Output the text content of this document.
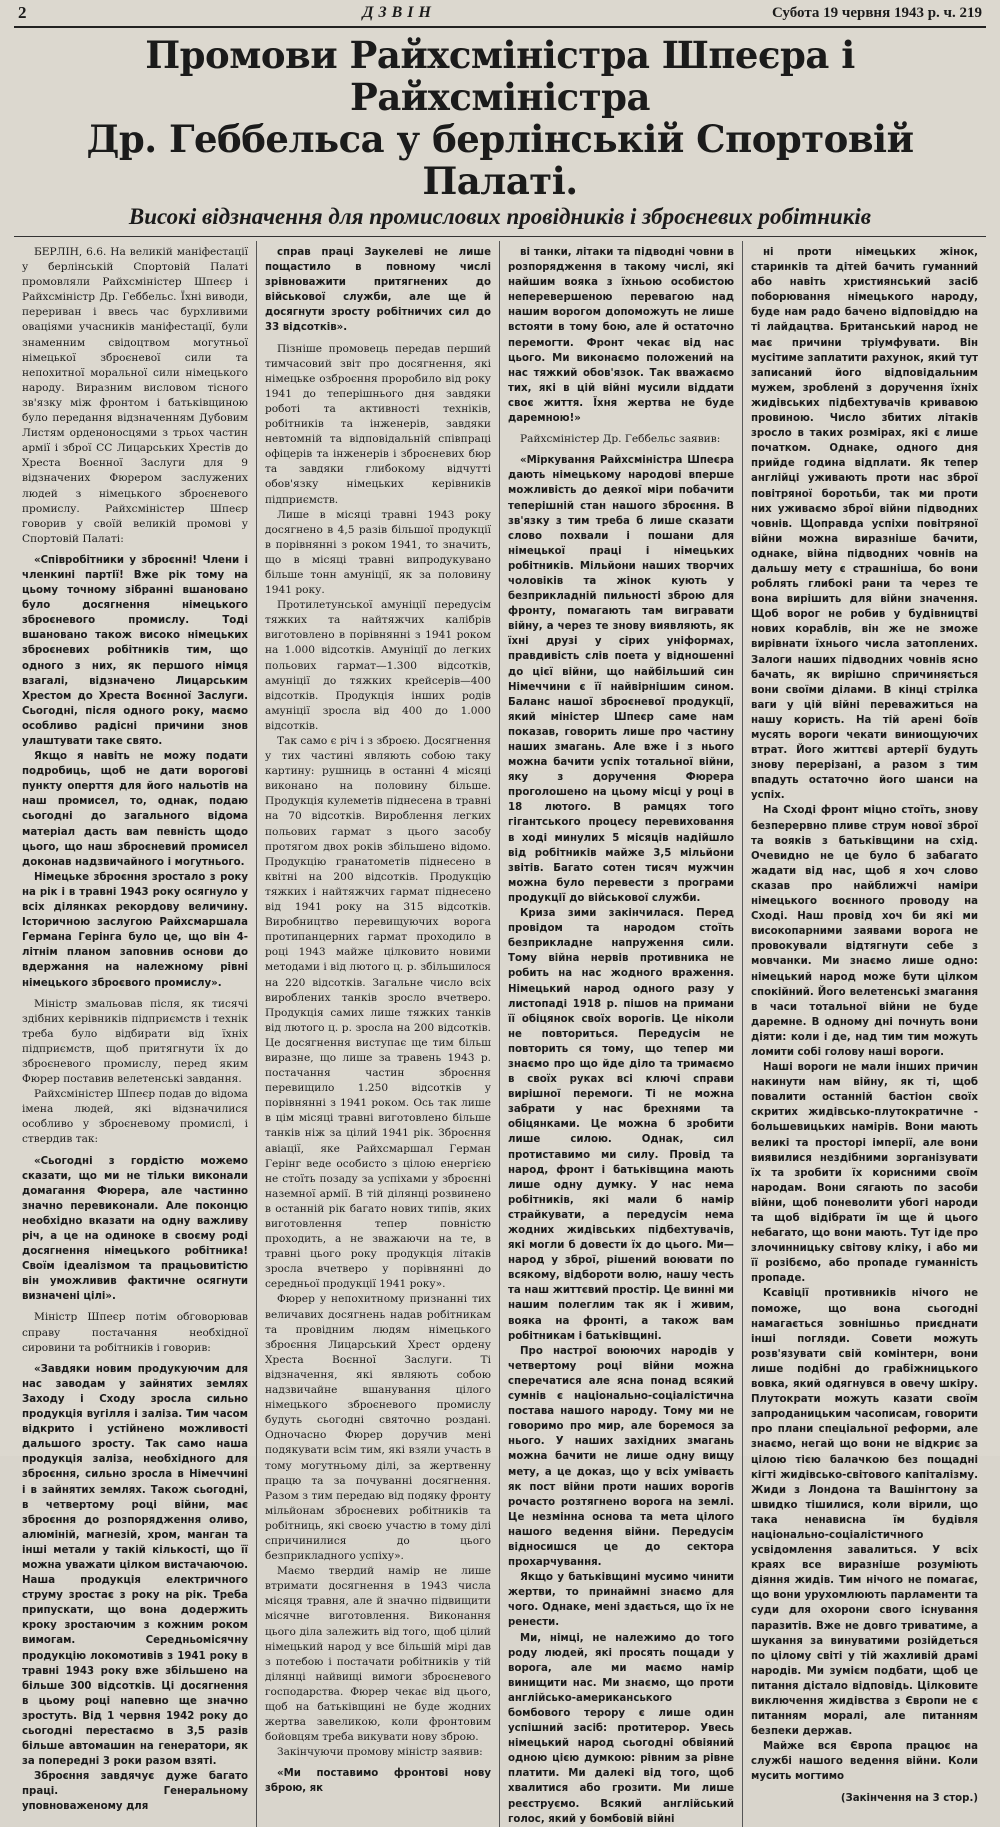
2	ДЗВІН	Субота 19 червня 1943 р. ч. 219
Промови Райхсміністра Шпеєра і Райхсміністра
Др. Геббельса у берлінській Спортовій Палаті.
Високі відзначення для промислових провідників і зброєневих робітників

БЕРЛІН, 6.6. На великій маніфестації у берлінській Спортовій Палаті промовляли Райхсміністер Шпеєр і Райхсміністр Др. Геббельс. Їхні виводи, перериван і ввесь час бурхливими оваціями учасників маніфестації, були знаменним свідоцтвом могутньої німецької зброєневої сили та непохитної моральної сили німецького народу. Виразним висловом тісного зв'язку між фронтом і батьківщиною було передання відзначенням Дубовим Листям орденоносцями з трьох частин армії і зброї СС Лицарських Хрестів до Хреста Воєнної Заслуги для 9 відзначених Фюрером заслужених людей з німецького зброєневого промислу. Райхсміністер Шпеєр говорив у своїй великій промові у Спортовій Палаті:

«Співробітники у зброєнні! Члени і членкині партії! Вже рік тому на цьому точному зібранні вшановано було досягнення німецького зброєневого промислу. Тоді вшановано також високо німецьких зброєневих робітників тим, що одного з них, як першого німця взагалі, відзначено Лицарським Хрестом до Хреста Воєнної Заслуги. Сьогодні, після одного року, маємо особливо радісні причини знов улаштувати таке свято.

Якщо я навіть не можу подати подробиць, щоб не дати ворогові пункту оперття для його нальотів на наш промисел, то, однак, подаю сьогодні до загального відома матеріал дасть вам певність щодо цього, що наш зброєневий промисел доконав надзвичайного і могутнього.

Німецьке зброєння зростало з року на рік і в травні 1943 року осягнуло у всіх ділянках рекордову величину. Історичною заслугою Райхсмаршала Германа Герінга було це, що він 4-літнім планом заповнив основи до вдержання на належному рівні німецького зброєвого промислу».

Міністр змальовав після, як тисячі здібних керівників підприємств і технік треба було відбирати від їхніх підприємств, щоб притягнути їх до зброєневого промислу, перед яким Фюрер поставив велетенські завдання.

Райхсміністер Шпеєр подав до відома імена людей, які відзначилися особливо у зброєневому промислі, і ствердив так:

«Сьогодні з гордістю можемо сказати, що ми не тільки виконали домагання Фюрера, але частинно значно перевиконали. Але поконцю необхідно вказати на одну важливу річ, а це на одиноке в своєму роді досягнення німецького робітника! Своїм ідеалізмом та працьовитістю він уможливив фактичне осягнути визначені цілі».

Міністр Шпеєр потім обговорював справу постачання необхідної сировини та робітників і говорив:

«Завдяки новим продукуючим для нас заводам у зайнятих землях Заходу і Сходу зросла сильно продукція вугілля і заліза. Тим часом відкрито і устійнено можливості дальшого зросту. Так само наша продукція заліза, необхідного для зброєння, сильно зросла в Німеччині і в зайнятих землях. Також сьогодні, в четвертому році війни, має зброєння до розпорядження оливо, алюміній, магнезій, хром, манган та інші метали у такій кількості, що її можна уважати цілком вистачаючою. Наша продукція електричного струму зростає з року на рік. Треба припускати, що вона додержить кроку зростаючим з кожним роком вимогам. Середньомісячну продукцію локомотивів з 1941 року в травні 1943 року вже збільшено на більше 300 відсотків. Ці досягнення в цьому році напевно ще значно зростуть. Від 1 червня 1942 року до сьогодні перестаємо в 3,5 разів більше автомашин на генератори, як за попередні 3 роки разом взяті.

Зброєння завдячує дуже багато праці. Генеральному уповноваженому для

справ праці Заукелеві не лише пощастило в повному числі зрівноважити притягнених до військової служби, але ще й досягнути зросту робітничих сил до 33 відсотків».

Пізніше промовець передав перший тимчасовий звіт про досягнення, які німецьке озброєння проробило від року 1941 до теперішнього дня завдяки роботі та активності техніків, робітників та інженерів, завдяки невтомній та відповідальній співпраці офіцерів та інженерів і зброєневих бюр та завдяки глибокому відчутті обов'язку німецьких керівників підприємств.

Лише в місяці травні 1943 року досягнено в 4,5 разів більшої продукції в порівнянні з роком 1941, то значить, що в місяці травні випродукувано більше тонн амуніції, як за половину 1941 року.

Протилетунської амуніції передусім тяжких та найтяжчих калібрів виготовлено в порівнянні з 1941 роком на 1.000 відсотків. Амуніції до легких польових гармат—1.300 відсотків, амуніції до тяжких крейсерів—400 відсотків. Продукція інших родів амуніції зросла від 400 до 1.000 відсотків.

Так само є річ і з зброєю. Досягнення у тих частині являють собою таку картину: рушниць в останні 4 місяці виконано на половину більше. Продукція кулеметів піднесена в травні на 70 відсотків. Вироблення легких польових гармат з цього засобу протягом двох років збільшено відомо. Продукцію гранатометів піднесено в квітні на 200 відсотків. Продукцію тяжких і найтяжчих гармат піднесено від 1941 року на 315 відсотків. Виробництво перевищуючих ворога протипанцерних гармат проходило в році 1943 майже цілковито новими методами і від лютого ц. р. збільшилося на 220 відсотків. Загальне число всіх вироблених танків зросло вчетверо. Продукція самих лише тяжких танків від лютого ц. р. зросла на 200 відсотків. Це досягнення виступає ще тим більш виразне, що лише за травень 1943 р. постачання частин зброєння перевищило 1.250 відсотків у порівнянні з 1941 роком. Ось так лише в цім місяці травні виготовлено більше танків ніж за цілий 1941 рік. Зброєння авіації, яке Райхсмаршал Герман Герінг веде особисто з цілою енергією не стоїть позаду за успіхами у зброєнні наземної армії. В тій ділянці розвинено в останній рік багато нових типів, яких виготовлення тепер повністю проходить, а не зважаючи на те, в травні цього року продукція літаків зросла вчетверо у порівнянні до середньої продукції 1941 року».

Фюрер у непохитному признанні тих величавих досягнень надав робітникам та провідним людям німецького зброєння Лицарський Хрест ордену Хреста Воєнної Заслуги. Ті відзначення, які являють собою надзвичайне вшанування цілого німецького зброєневого промислу будуть сьогодні святочно роздані. Одночасно Фюрер доручив мені подякувати всім тим, які взяли участь в тому могутньому ділі, за жертвенну працю та за почуванні досягнення. Разом з тим передаю від подяку фронту мільйонам зброєневих робітників та робітниць, які своєю участю в тому ділі спричинилися до цього безприкладного успіху».

Маємо твердий намір не лише втримати досягнення в 1943 числа місяця травня, але й значно підвищити місячне виготовлення. Виконання цього діла залежить від того, щоб цілий німецький народ у все більшій мірі дав з потебою і постачати робітників у тій ділянці найвищі вимоги зброєневого господарства. Фюрер чекає від цього, щоб на батьківщині не буде жодних жертва завеликою, коли фронтовим бойовцям треба викувати нову зброю.

Закінчуючи промову міністр заявив:

«Ми поставимо фронтові нову зброю, як

ві танки, літаки та підводні човни в розпорядження в такому числі, які найшим вояка з їхньою особистою неперевершеною перевагою над нашим ворогом допоможуть не лише встояти в тому бою, але й остаточно перемогти. Фронт чекає від нас цього. Ми виконаємо положений на нас тяжкий обов'язок. Так вважаємо тих, які в цій війні мусили віддати своє життя. Їхня жертва не буде даремною!»

Райхсміністер Др. Геббельс заявив:

«Міркування Райхсміністра Шпеєра дають німецькому народові вперше можливість до деякої міри побачити теперішній стан нашого зброєння. В зв'язку з тим треба б лише сказати слово похвали і пошани для німецької праці і німецьких робітників. Мільйони наших творчих чоловіків та жінок кують у безприкладній пильності зброю для фронту, помагають там вигравати війну, а через те знову виявляють, як їхні друзі у сірих уніформах, правдивість слів поета у відношенні до цієї війни, що найбільший син Німеччини є її найвірнішим сином. Баланс нашої зброєневої продукції, який міністер Шпеєр саме нам показав, говорить лише про частину наших змагань. Але вже і з нього можна бачити успіх тотальної війни, яку з доручення Фюрера проголошено на цьому місці у році в 18 лютого. В рамцях того гігантського процесу перевиховання в ході минулих 5 місяців надійшло від робітників майже 3,5 мільйони звітів. Багато сотен тисяч мужчин можна було перевести з програми продукції до військової служби.

Криза зими закінчилася. Перед провідом та народом стоїть безприкладне напруження сили. Тому війна нервів противника не робить на нас жодного враження. Німецький народ одного разу у листопаді 1918 р. пішов на примани її обіцянок своїх ворогів. Це ніколи не повториться. Передусім не повторить ся тому, що тепер ми знаємо про що йде діло та тримаємо в своїх руках всі ключі справи вирішної перемоги. Ті не можна забрати у нас брехнями та обіцянками. Це можна б зробити лише силою. Однак, сил протиставимо ми силу. Провід та народ, фронт і батьківщина мають лише одну думку. У нас нема робітників, які мали б намір страйкувати, а передусім нема жодних жидівських підбехтувачів, які могли б довести їх до цього. Ми—народ у зброї, рішений воювати по всякому, відбороти волю, нашу честь та наш життєвий простір. Це винні ми нашим полеглим так як і живим, вояка на фронті, а також вам робітникам і батьківщині.

Про настрої воюючих народів у четвертому році війни можна сперечатися але ясна понад всякий сумнів є національно-соціалістична постава нашого народу. Тому ми не говоримо про мир, але боремося за нього. У наших західних змагань можна бачити не лише одну вищу мету, а це доказ, що у всіх уміваєть як пост війни проти наших ворогів рочасто розтягнено ворога на землі. Це незмінна основа та мета цілого нашого ведення війни. Передусім відносишся це до сектора прохарчування.

Якщо у батьківщині мусимо чинити жертви, то принаймні знаємо для чого. Однаке, мені здається, що їх не ренести.

Ми, німці, не належимо до того роду людей, які просять пощади у ворога, але ми маємо намір винищити нас. Ми знаємо, що проти англійсько-американського бомбового терору є лише один успішний засіб: протитерор. Увесь німецький народ сьогодні обвіяний одною цією думкою: рівним за рівне платити. Ми далекі від того, щоб хвалитися або грозити. Ми лише реєструємо. Всякий англійський голос, який у бомбовій війні

ні проти німецьких жінок, старинків та дітей бачить гуманний або навіть християнський засіб поборювання німецького народу, буде нам радо бачено відповіддю на ті лайдацтва. Британський народ не має причини тріумфувати. Він мусітиме заплатити рахунок, який тут записаний його відповідальним мужем, зробленй з доручення їхніх жидівських підбехтувачів кривавою провиною. Число збитих літаків зросло в таких розмірах, які є лише початком. Однаке, одного дня прийде година відплати. Як тепер англійці уживають проти нас зброї повітряної боротьби, так ми проти них уживаємо зброї війни підводних човнів. Щоправда успіхи повітряної війни можна виразніше бачити, однаке, війна підводних човнів на дальшу мету є страшніша, бо вони роблять глибокі рани та через те вона вирішить для війни значення. Щоб ворог не робив у будівництві нових кораблів, він же не зможе вирівнати їхнього числа затоплених. Залоги наших підводних човнів ясно бачать, як вирішно спричиняється вони своїми ділами. В кінці стрілка ваги у цій війні переважиться на нашу користь. На тій арені боїв мусять вороги чекати виниощуючих втрат. Його життєві артерії будуть знову перерізані, а разом з тим впадуть остаточно його шанси на успіх.

На Сході фронт міцно стоїть, знову безперервно пливе струм нової зброї та вояків з батьківщини на схід. Очевидно не це було б забагато жадати від нас, щоб я хоч слово сказав про найближчі наміри німецького воєнного проводу на Сході. Наш провід хоч би які ми високопарними заявами ворога не провокували відтягнути себе з мовчанки. Ми знаємо лише одно: німецький народ може бути цілком спокійний. Його велетенські змагання в часи тотальної війни не буде даремне. В одному дні почнуть вони діяти: коли і де, над тим тим можуть ломити собі голову наші вороги.

Наші вороги не мали інших причин накинути нам війну, як ті, щоб повалити останній бастіон своїх скритих жидівсько-плутократичне - большевицьких намірів. Вони мають великі та просторі імперії, але вони виявилися нездібними зорганізувати їх та зробити їх корисними своїм народам. Вони сягають по засоби війни, щоб поневолити убогі народи та щоб відібрати їм ще й цього небагато, що вони мають. Тут іде про злочинницьку світову кліку, і або ми її розібємо, або пропаде гуманність пропаде.

Ксавіції противників нічого не поможе, що вона сьогодні намагається зовнішньо приєднати інші погляди. Совети можуть розв'язувати свій комінтерн, вони лише подібні до грабіжницького вовка, який одягнувся в овечу шкіру. Плутократи можуть казати своїм запроданицьким часописам, говорити про плани спеціальної реформи, але знаємо, негай що вони не відкриє за цілою тією балачкою без пощадні кігті жидівсько-світового капіталізму. Жиди з Лондона та Вашінгтону за швидко тішилися, коли вірили, що така ненависна їм будівля національно-соціалістичного усвідомлення завалиться. У всіх краях все виразніше розуміють діяння жидів. Тим нічого не помагає, що вони урухомлюють парламенти та суди для охорони свого існування паразитів. Вже не довго триватиме, а шукання за винуватими розійдеться по цілому світі у тій жахливій драмі народів. Ми зумієм подбати, щоб це питання дістало відповідь. Цілковите виключення жидівства з Європи не є питанням моралі, але питанням безпеки держав.

Майже вся Європа працює на службі нашого ведення війни. Коли мусить могтимо

(Закінчення на 3 стор.)
